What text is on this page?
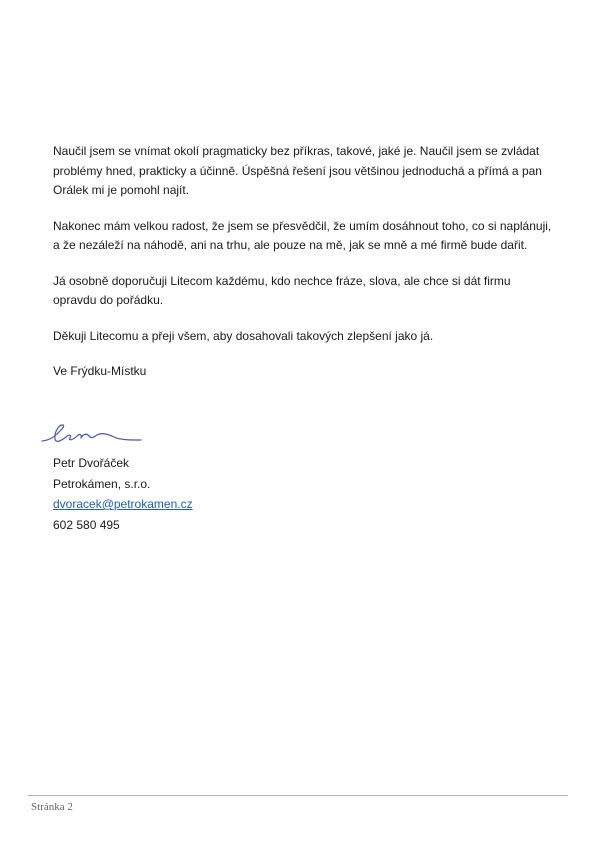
Naučil jsem se vnímat okolí pragmaticky bez příkras, takové, jaké je. Naučil jsem se zvládat problémy hned, prakticky a účinně. Úspěšná řešení jsou většinou jednoduchá a přímá a pan Orálek mi je pomohl najít.

Nakonec mám velkou radost, že jsem se přesvědčil, že umím dosáhnout toho, co si naplánuji, a že nezáleží na náhodě, ani na trhu, ale pouze na mě, jak se mně a mé firmě bude dařit.

Já osobně doporučuji Litecom každému, kdo nechce fráze, slova, ale chce si dát firmu opravdu do pořádku.

Děkuji Litecomu a přeji všem, aby dosahovali takových zlepšení jako já.

Ve Frýdku-Místku

Petr Dvořáček
Petrokámen, s.r.o.
dvoracek@petrokamen.cz
602 580 495
Stránka 2
